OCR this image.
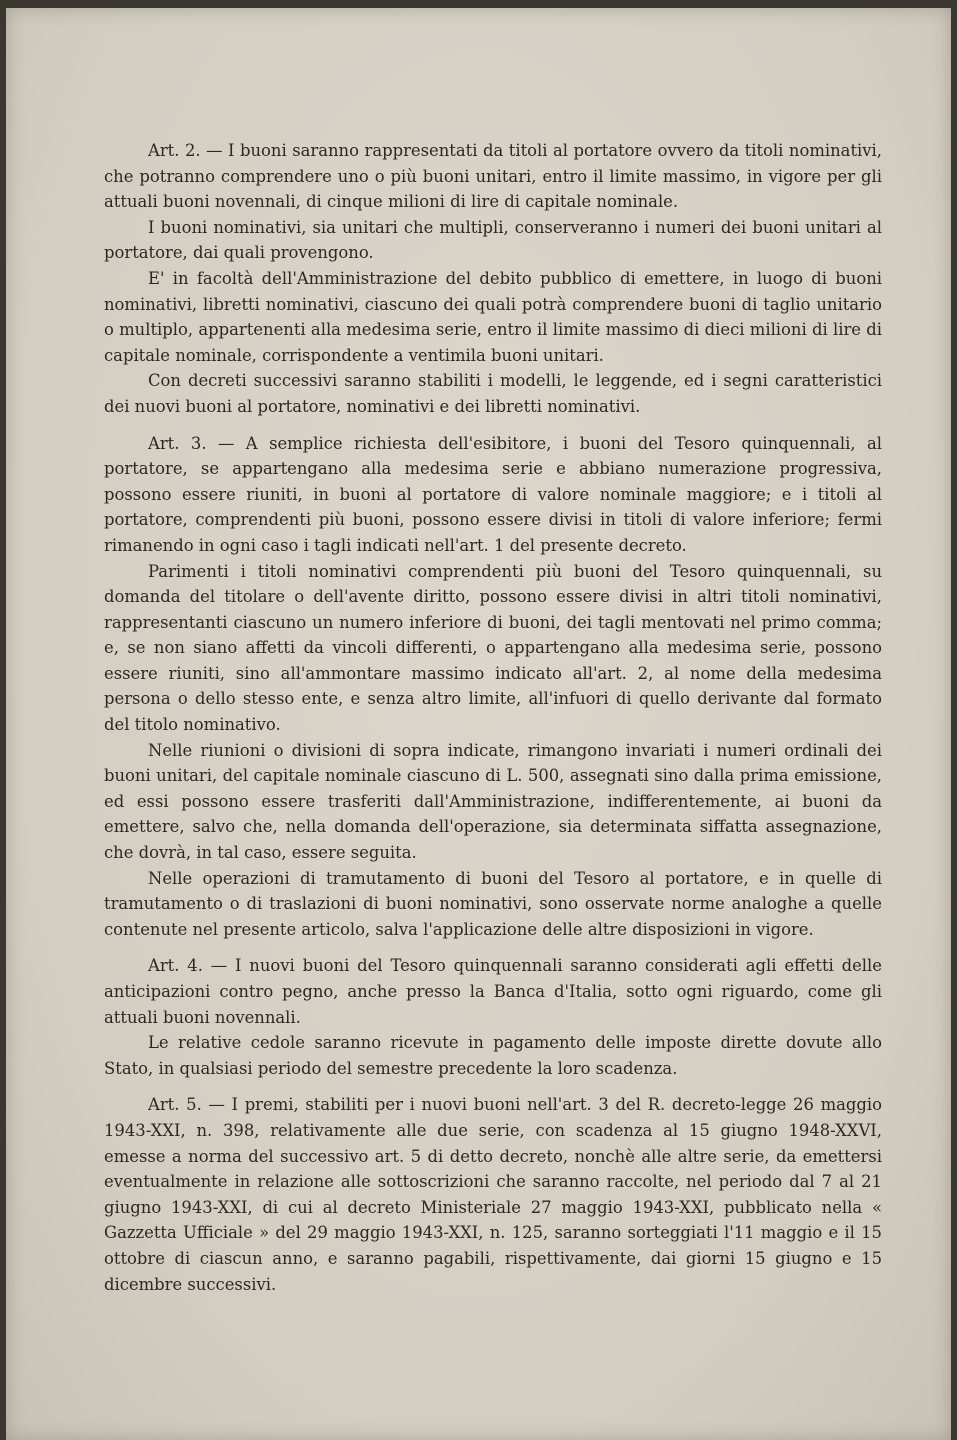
Art. 2. — I buoni saranno rappresentati da titoli al portatore ovvero da titoli nominativi, che potranno comprendere uno o più buoni unitari, entro il limite massimo, in vigore per gli attuali buoni novennali, di cinque milioni di lire di capitale nominale.

I buoni nominativi, sia unitari che multipli, conserveranno i numeri dei buoni unitari al portatore, dai quali provengono.

E' in facoltà dell'Amministrazione del debito pubblico di emettere, in luogo di buoni nominativi, libretti nominativi, ciascuno dei quali potrà comprendere buoni di taglio unitario o multiplo, appartenenti alla medesima serie, entro il limite massimo di dieci milioni di lire di capitale nominale, corrispondente a ventimila buoni unitari.

Con decreti successivi saranno stabiliti i modelli, le leggende, ed i segni caratteristici dei nuovi buoni al portatore, nominativi e dei libretti nominativi.

Art. 3. — A semplice richiesta dell'esibitore, i buoni del Tesoro quinquennali, al portatore, se appartengano alla medesima serie e abbiano numerazione progressiva, possono essere riuniti, in buoni al portatore di valore nominale maggiore; e i titoli al portatore, comprendenti più buoni, possono essere divisi in titoli di valore inferiore; fermi rimanendo in ogni caso i tagli indicati nell'art. 1 del presente decreto.

Parimenti i titoli nominativi comprendenti più buoni del Tesoro quinquennali, su domanda del titolare o dell'avente diritto, possono essere divisi in altri titoli nominativi, rappresentanti ciascuno un numero inferiore di buoni, dei tagli mentovati nel primo comma; e, se non siano affetti da vincoli differenti, o appartengano alla medesima serie, possono essere riuniti, sino all'ammontare massimo indicato all'art. 2, al nome della medesima persona o dello stesso ente, e senza altro limite, all'infuori di quello derivante dal formato del titolo nominativo.

Nelle riunioni o divisioni di sopra indicate, rimangono invariati i numeri ordinali dei buoni unitari, del capitale nominale ciascuno di L. 500, assegnati sino dalla prima emissione, ed essi possono essere trasferiti dall'Amministrazione, indifferentemente, ai buoni da emettere, salvo che, nella domanda dell'operazione, sia determinata siffatta assegnazione, che dovrà, in tal caso, essere seguita.

Nelle operazioni di tramutamento di buoni del Tesoro al portatore, e in quelle di tramutamento o di traslazioni di buoni nominativi, sono osservate norme analoghe a quelle contenute nel presente articolo, salva l'applicazione delle altre disposizioni in vigore.

Art. 4. — I nuovi buoni del Tesoro quinquennali saranno considerati agli effetti delle anticipazioni contro pegno, anche presso la Banca d'Italia, sotto ogni riguardo, come gli attuali buoni novennali.

Le relative cedole saranno ricevute in pagamento delle imposte dirette dovute allo Stato, in qualsiasi periodo del semestre precedente la loro scadenza.

Art. 5. — I premi, stabiliti per i nuovi buoni nell'art. 3 del R. decreto-legge 26 maggio 1943-XXI, n. 398, relativamente alle due serie, con scadenza al 15 giugno 1948-XXVI, emesse a norma del successivo art. 5 di detto decreto, nonchè alle altre serie, da emettersi eventualmente in relazione alle sottoscrizioni che saranno raccolte, nel periodo dal 7 al 21 giugno 1943-XXI, di cui al decreto Ministeriale 27 maggio 1943-XXI, pubblicato nella « Gazzetta Ufficiale » del 29 maggio 1943-XXI, n. 125, saranno sorteggiati l'11 maggio e il 15 ottobre di ciascun anno, e saranno pagabili, rispettivamente, dai giorni 15 giugno e 15 dicembre successivi.
